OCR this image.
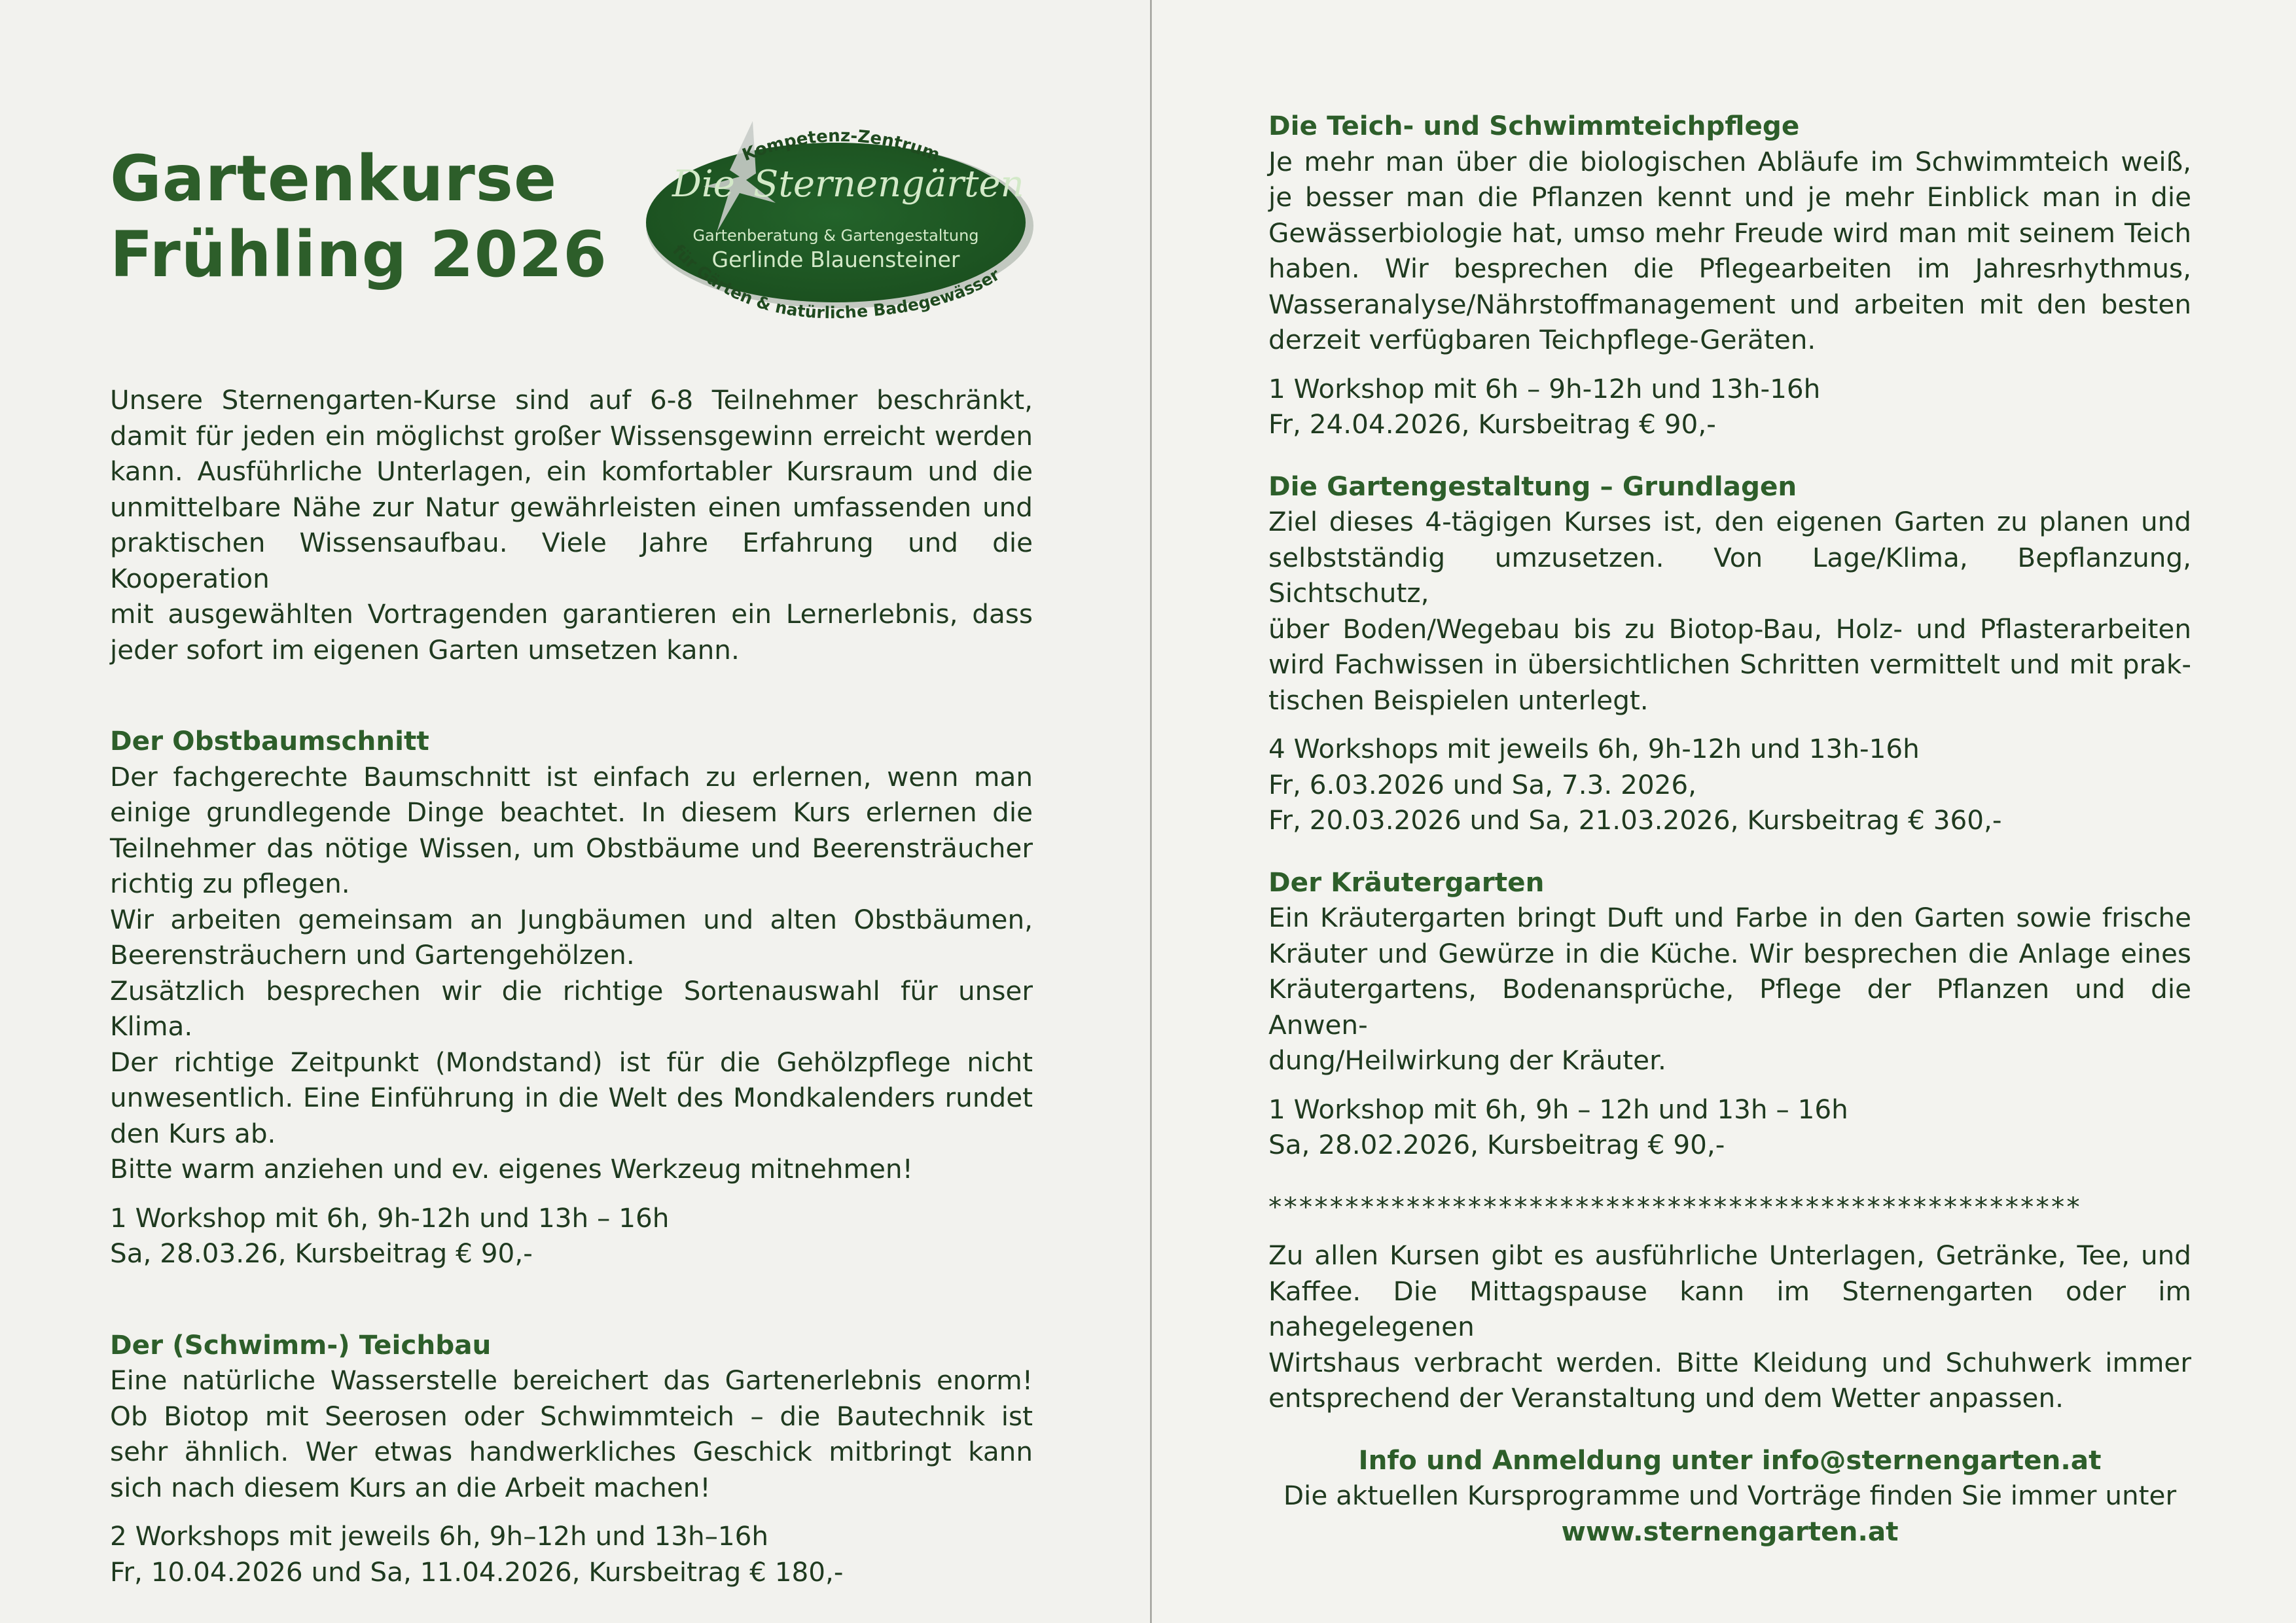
Gartenkurse
Frühling 2026
Die Sternengärten
Gartenberatung & Gartengestaltung
Gerlinde Blauensteiner
Kompetenz-Zentrum
für Gärten & natürliche Badegewässer
Unsere Sternengarten-Kurse sind auf 6-8 Teilnehmer beschränkt,
damit für jeden ein möglichst großer Wissensgewinn erreicht werden
kann. Ausführliche Unterlagen, ein komfortabler Kursraum und die
unmittelbare Nähe zur Natur gewährleisten einen umfassenden und
praktischen Wissensaufbau. Viele Jahre Erfahrung und die Kooperation
mit ausgewählten Vortragenden garantieren ein Lernerlebnis, dass
jeder sofort im eigenen Garten umsetzen kann.
Der Obstbaumschnitt
Der fachgerechte Baumschnitt ist einfach zu erlernen, wenn man
einige grundlegende Dinge beachtet. In diesem Kurs erlernen die
Teilnehmer das nötige Wissen, um Obstbäume und Beerensträucher
richtig zu pflegen.
Wir arbeiten gemeinsam an Jungbäumen und alten Obstbäumen,
Beerensträuchern und Gartengehölzen.
Zusätzlich besprechen wir die richtige Sortenauswahl für unser Klima.
Der richtige Zeitpunkt (Mondstand) ist für die Gehölzpflege nicht
unwesentlich. Eine Einführung in die Welt des Mondkalenders rundet
den Kurs ab.
Bitte warm anziehen und ev. eigenes Werkzeug mitnehmen!
1 Workshop mit 6h, 9h-12h und 13h – 16h
Sa, 28.03.26, Kursbeitrag € 90,-
Der (Schwimm-) Teichbau
Eine natürliche Wasserstelle bereichert das Gartenerlebnis enorm!
Ob Biotop mit Seerosen oder Schwimmteich – die Bautechnik ist
sehr ähnlich. Wer etwas handwerkliches Geschick mitbringt kann
sich nach diesem Kurs an die Arbeit machen!
2 Workshops mit jeweils 6h, 9h–12h und 13h–16h
Fr, 10.04.2026 und Sa, 11.04.2026, Kursbeitrag € 180,-
Die Teich- und Schwimmteichpflege
Je mehr man über die biologischen Abläufe im Schwimmteich weiß,
je besser man die Pflanzen kennt und je mehr Einblick man in die
Gewässerbiologie hat, umso mehr Freude wird man mit seinem Teich
haben. Wir besprechen die Pflegearbeiten im Jahresrhythmus,
Wasseranalyse/Nährstoffmanagement und arbeiten mit den besten
derzeit verfügbaren Teichpflege-Geräten.
1 Workshop mit 6h – 9h-12h und 13h-16h
Fr, 24.04.2026, Kursbeitrag € 90,-
Die Gartengestaltung – Grundlagen
Ziel dieses 4-tägigen Kurses ist, den eigenen Garten zu planen und
selbstständig umzusetzen. Von Lage/Klima, Bepflanzung, Sichtschutz,
über Boden/Wegebau bis zu Biotop-Bau, Holz- und Pflasterarbeiten
wird Fachwissen in übersichtlichen Schritten vermittelt und mit prak-
tischen Beispielen unterlegt.
4 Workshops mit jeweils 6h, 9h-12h und 13h-16h
Fr, 6.03.2026 und Sa, 7.3. 2026,
Fr, 20.03.2026 und Sa, 21.03.2026, Kursbeitrag € 360,-
Der Kräutergarten
Ein Kräutergarten bringt Duft und Farbe in den Garten sowie frische
Kräuter und Gewürze in die Küche. Wir besprechen die Anlage eines
Kräutergartens, Bodenansprüche, Pflege der Pflanzen und die Anwen-
dung/Heilwirkung der Kräuter.
1 Workshop mit 6h, 9h – 12h und 13h – 16h
Sa, 28.02.2026, Kursbeitrag € 90,-

*****************************************************

Zu allen Kursen gibt es ausführliche Unterlagen, Getränke, Tee, und
Kaffee. Die Mittagspause kann im Sternengarten oder im nahegelegenen
Wirtshaus verbracht werden. Bitte Kleidung und Schuhwerk immer
entsprechend der Veranstaltung und dem Wetter anpassen.
Info und Anmeldung unter info@sternengarten.at
Die aktuellen Kursprogramme und Vorträge finden Sie immer unter
www.sternengarten.at
